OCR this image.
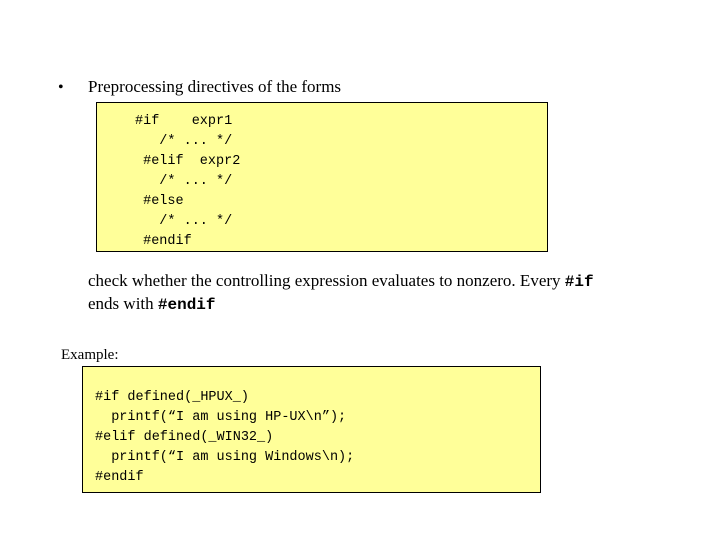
• Preprocessing directives of the forms
#if    expr1
/* ... */
#elif  expr2
/* ... */
#else
/* ... */
#endif
check whether the controlling expression evaluates to nonzero. Every #if
ends with #endif
Example:
#if defined(_HPUX_)
printf(“I am using HP-UX\n”);
#elif defined(_WIN32_)
printf(“I am using Windows\n);
#endif
